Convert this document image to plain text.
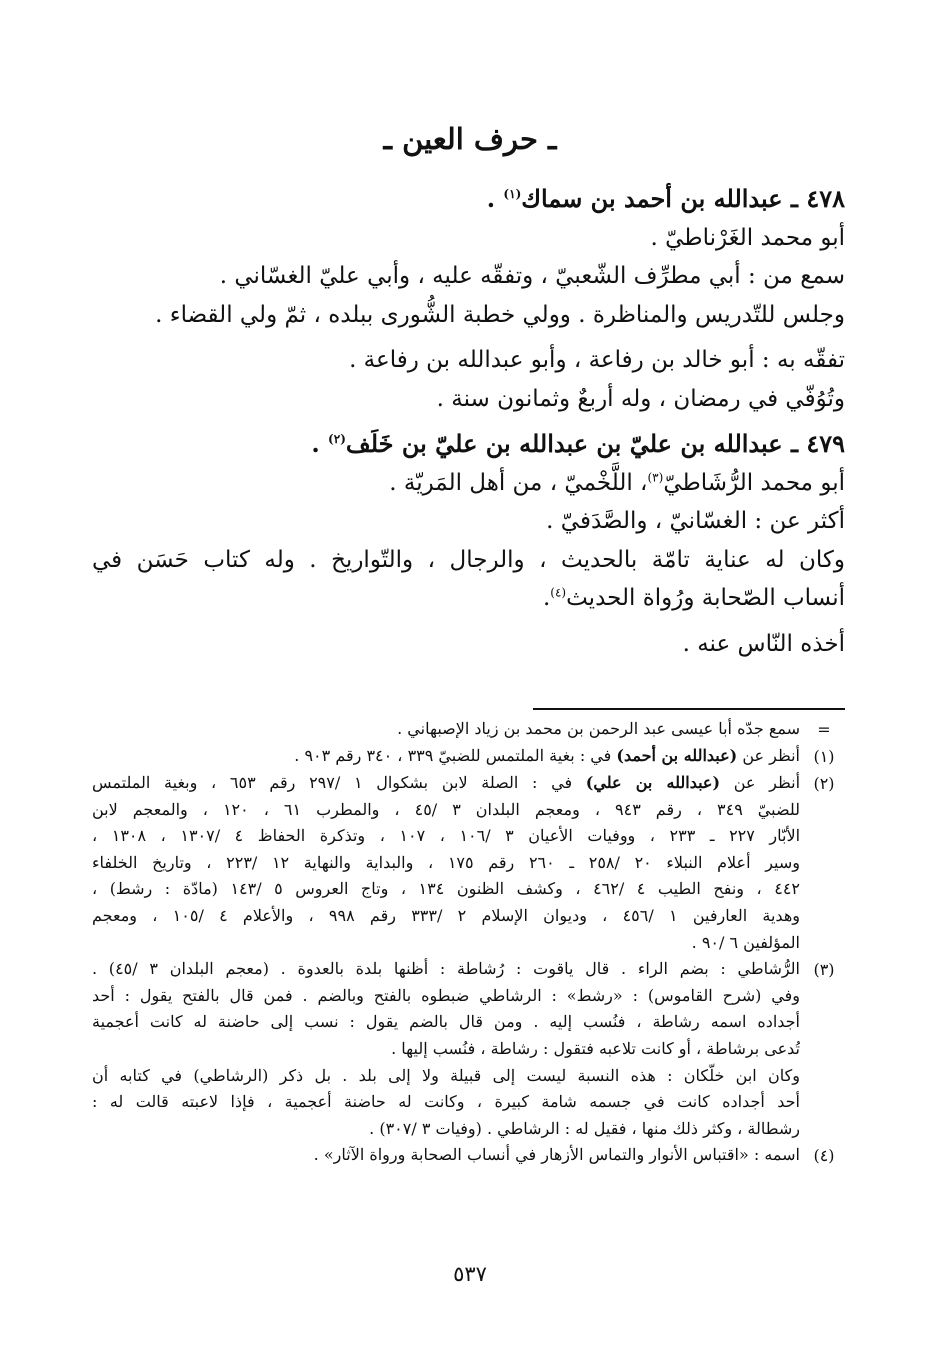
ـ حرف العين ـ
٤٧٨ ـ عبدالله بن أحمد بن سماك$^{(١)}$ .
أبو محمد الغَرْناطيّ .
سمع من : أبي مطرِّف الشّعبيّ ، وتفقّه عليه ، وأبي عليّ الغسّاني .
وجلس للتّدريس والمناظرة . وولي خطبة الشُّورى ببلده ، ثمّ ولي القضاء .
تفقّه به : أبو خالد بن رفاعة ، وأبو عبدالله بن رفاعة .
وتُوُفّي في رمضان ، وله أربعٌ وثمانون سنة .
٤٧٩ ـ عبدالله بن عليّ بن عبدالله بن عليّ بن خَلَف$^{(٢)}$ .
أبو محمد الرُّشَاطيّ$^{(٣)}$، اللَّخْميّ ، من أهل المَريّة .
أكثر عن : الغسّانيّ ، والصَّدَفيّ .
وكان له عناية تامّة بالحديث ، والرجال ، والتّواريخ . وله كتاب حَسَن في
أنساب الصّحابة ورُواة الحديث$^{(٤)}$.
أخذه النّاس عنه .
=
سمع جدّه أبا عيسى عبد الرحمن بن محمد بن زياد الإصبهاني .
(١)
أنظر عن (عبدالله بن أحمد) في : بغية الملتمس للضبيّ ٣٣٩ ، ٣٤٠ رقم ٩٠٣ .
(٢)
أنظر عن (عبدالله بن علي) في : الصلة لابن بشكوال ١ /٢٩٧ رقم ٦٥٣ ، وبغية الملتمس
للضبيّ ٣٤٩ ، رقم ٩٤٣ ، ومعجم البلدان ٣ /٤٥ ، والمطرب ٦١ ، ١٢٠ ، والمعجم لابن
الأبّار ٢٢٧ ـ ٢٣٣ ، ووفيات الأعيان ٣ /١٠٦ ، ١٠٧ ، وتذكرة الحفاظ ٤ /١٣٠٧ ، ١٣٠٨ ،
وسير أعلام النبلاء ٢٠ /٢٥٨ ـ ٢٦٠ رقم ١٧٥ ، والبداية والنهاية ١٢ /٢٢٣ ، وتاريخ الخلفاء
٤٤٢ ، ونفح الطيب ٤ /٤٦٢ ، وكشف الظنون ١٣٤ ، وتاج العروس ٥ /١٤٣ (مادّة : رشط) ،
وهدية العارفين ١ /٤٥٦ ، وديوان الإسلام ٢ /٣٣٣ رقم ٩٩٨ ، والأعلام ٤ /١٠٥ ، ومعجم
المؤلفين ٦ /٩٠ .
(٣)
الرُّشاطي : بضم الراء . قال ياقوت : رُشاطة : أظنها بلدة بالعدوة . (معجم البلدان ٣ /٤٥) .
وفي (شرح القاموس) : «رشط» : الرشاطي ضبطوه بالفتح وبالضم . فمن قال بالفتح يقول : أحد
أجداده اسمه رشاطة ، فنُسب إليه . ومن قال بالضم يقول : نسب إلى حاضنة له كانت أعجمية
تُدعى برشاطة ، أو كانت تلاعبه فتقول : رشاطة ، فنُسب إليها .
وكان ابن خلّكان : هذه النسبة ليست إلى قبيلة ولا إلى بلد . بل ذكر (الرشاطي) في كتابه أن
أحد أجداده كانت في جسمه شامة كبيرة ، وكانت له حاضنة أعجمية ، فإذا لاعبته قالت له :
رشطالة ، وكثر ذلك منها ، فقيل له : الرشاطي . (وفيات ٣ /٣٠٧) .
(٤)
اسمه : «اقتباس الأنوار والتماس الأزهار في أنساب الصحابة ورواة الآثار» .
٥٣٧
